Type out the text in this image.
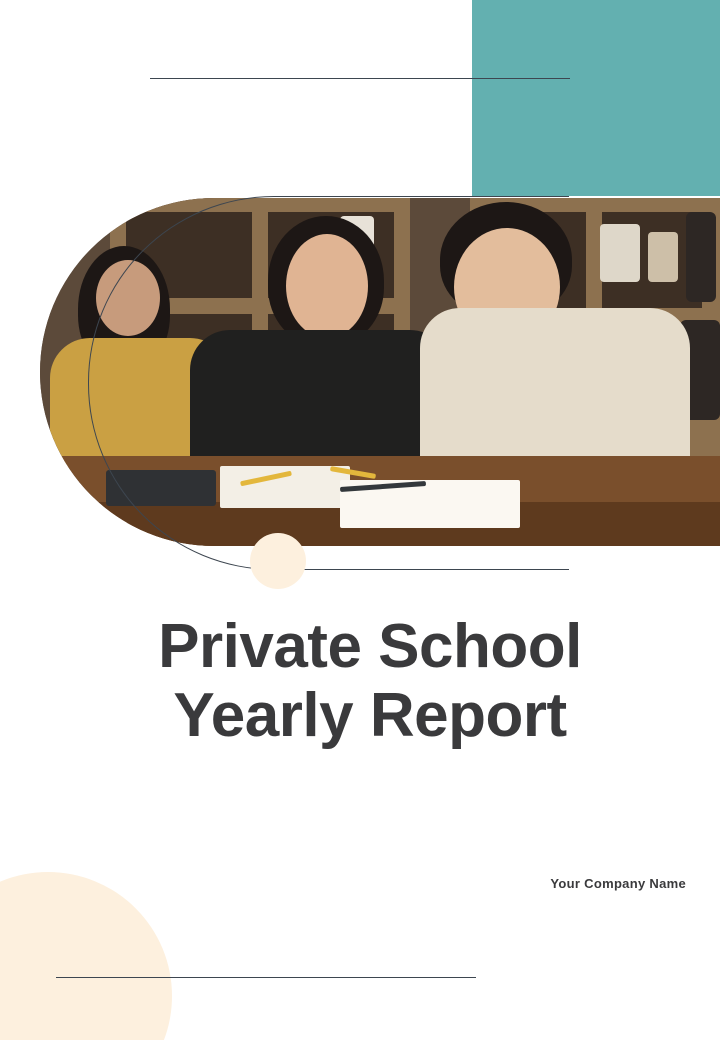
Private School
Yearly Report
Your Company Name
